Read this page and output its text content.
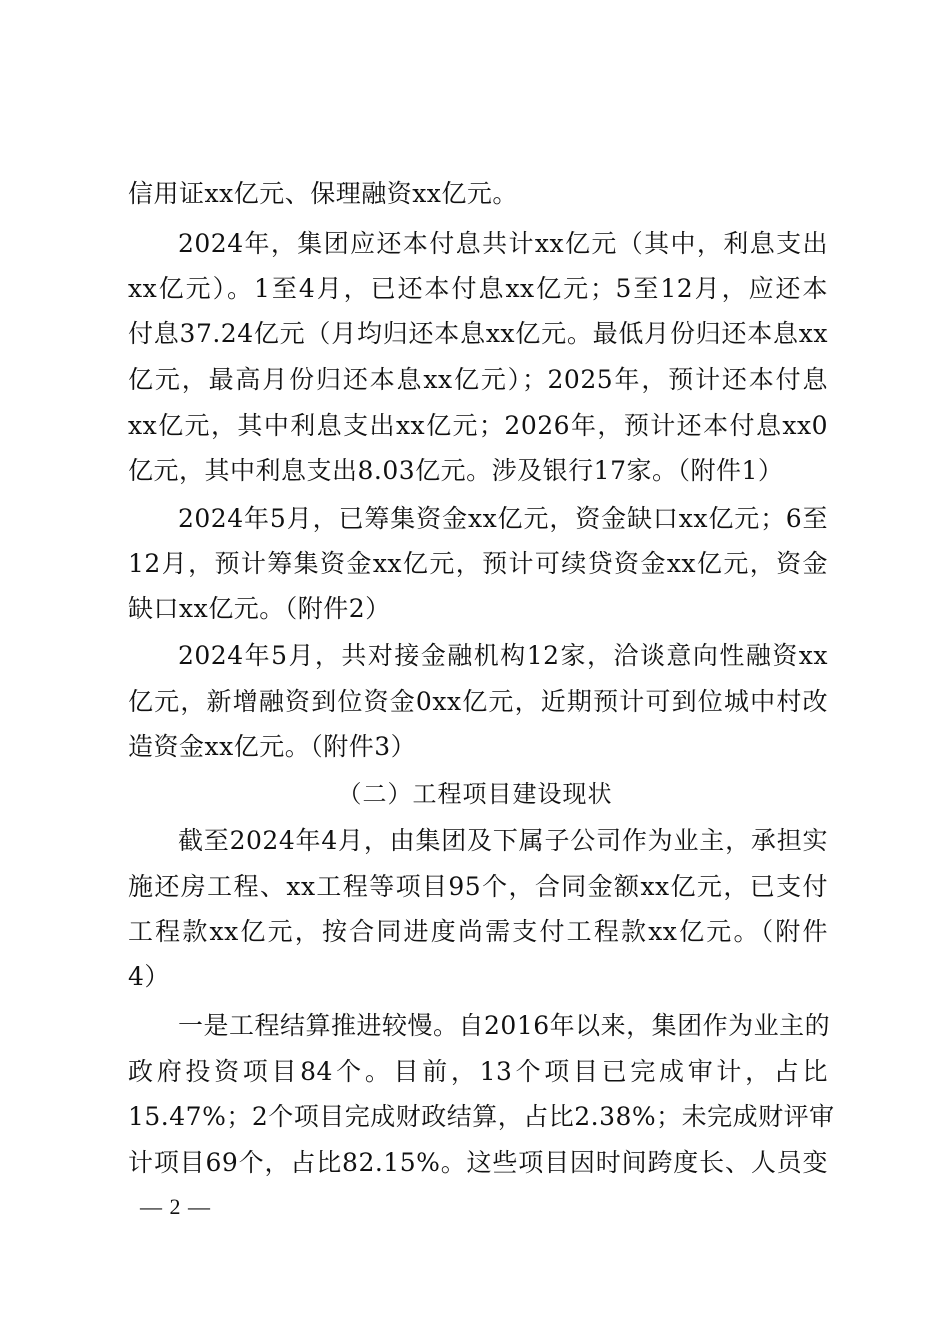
信用证xx亿元、保理融资xx亿元。
2024年，集团应还本付息共计xx亿元（其中，利息支出
xx亿元）。1至4月，已还本付息xx亿元；5至12月，应还本
付息37.24亿元（月均归还本息xx亿元。最低月份归还本息xx
亿元，最高月份归还本息xx亿元）；2025年，预计还本付息
xx亿元，其中利息支出xx亿元；2026年，预计还本付息xx0
亿元，其中利息支出8.03亿元。涉及银行17家。（附件1）
2024年5月，已筹集资金xx亿元，资金缺口xx亿元；6至
12月，预计筹集资金xx亿元，预计可续贷资金xx亿元，资金
缺口xx亿元。（附件2）
2024年5月，共对接金融机构12家，洽谈意向性融资xx
亿元，新增融资到位资金0xx亿元，近期预计可到位城中村改
造资金xx亿元。（附件3）
（二）工程项目建设现状
截至2024年4月，由集团及下属子公司作为业主，承担实
施还房工程、xx工程等项目95个，合同金额xx亿元，已支付
工程款xx亿元，按合同进度尚需支付工程款xx亿元。（附件
4）
一是工程结算推进较慢。自2016年以来，集团作为业主的
政府投资项目84个。目前，13个项目已完成审计，占比
15.47%；2个项目完成财政结算，占比2.38%；未完成财评审
计项目69个，占比82.15%。这些项目因时间跨度长、人员变
— 2 —
